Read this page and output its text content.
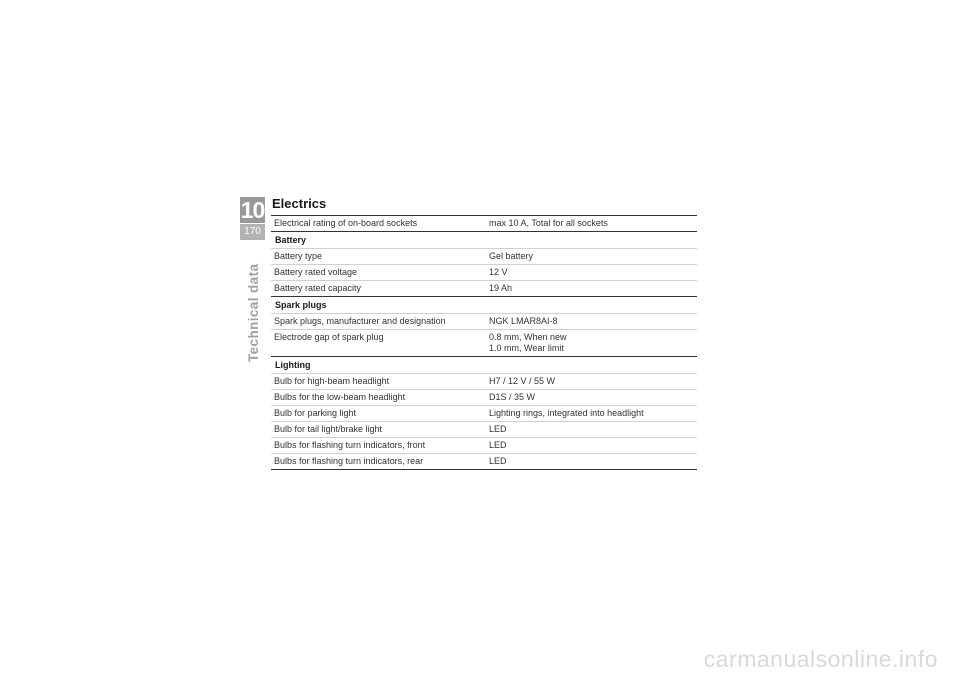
10
170
Technical data
Electrics
Electrical rating of on-board sockets	max 10 A, Total for all sockets
Battery
Battery type	Gel battery
Battery rated voltage	12 V
Battery rated capacity	19 Ah
Spark plugs
Spark plugs, manufacturer and designation	NGK LMAR8AI-8
Electrode gap of spark plug	0.8 mm, When new
1.0 mm, Wear limit
Lighting
Bulb for high-beam headlight	H7 / 12 V / 55 W
Bulbs for the low-beam headlight	D1S / 35 W
Bulb for parking light	Lighting rings, integrated into headlight
Bulb for tail light/brake light	LED
Bulbs for flashing turn indicators, front	LED
Bulbs for flashing turn indicators, rear	LED
carmanualsonline.info
